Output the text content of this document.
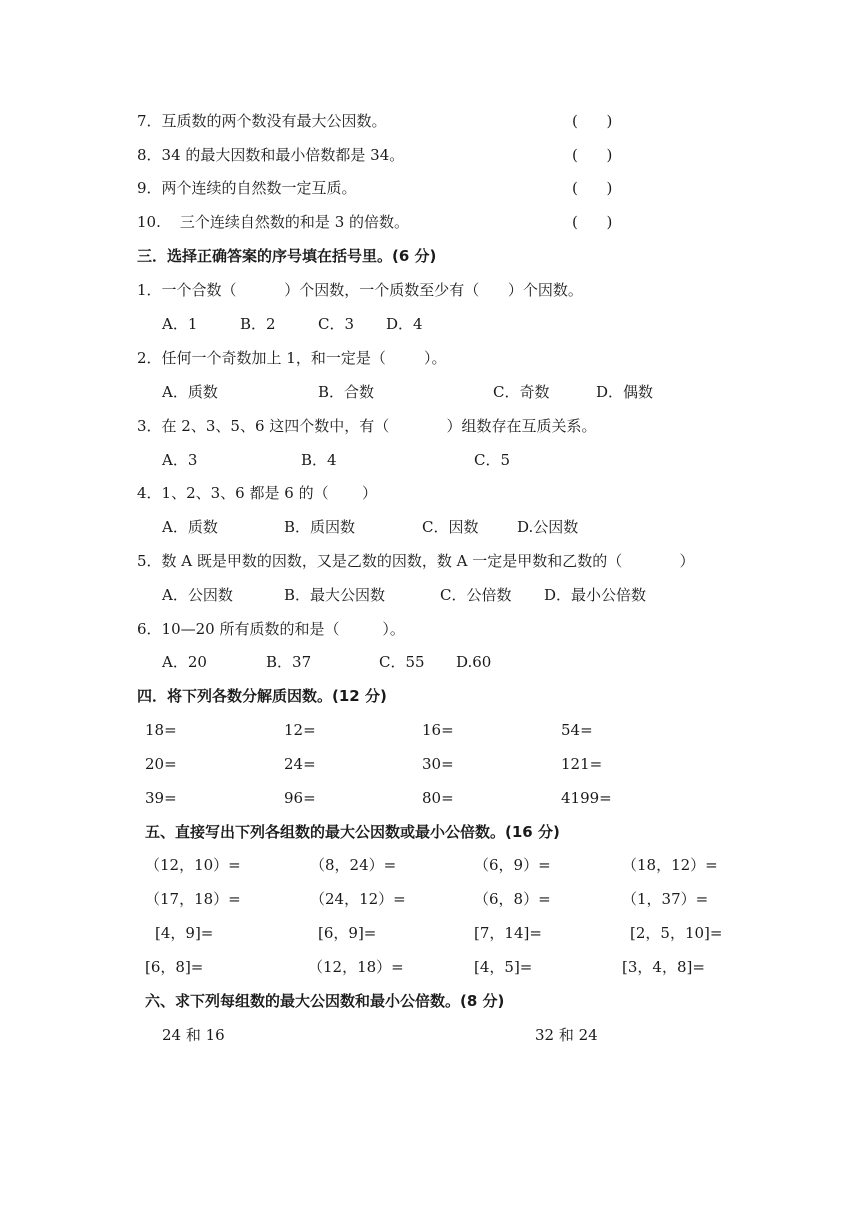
7．互质数的两个数没有最大公因数。	(      )
8．34 的最大因数和最小倍数都是 34。	(      )
9．两个连续的自然数一定互质。	(      )
10.    三个连续自然数的和是 3 的倍数。	(      )
三．选择正确答案的序号填在括号里。(6 分)
1．一个合数（          ）个因数，一个质数至少有（      ）个因数。
A．1	B．2	C．3 D．4
2．任何一个奇数加上 1，和一定是（        ）。
A．质数	B．合数	C．奇数	D．偶数
3．在 2、3、5、6 这四个数中，有（            ）组数存在互质关系。
A．3	B．4	C．5
4．1、2、3、6 都是 6 的（       ）
A．质数	B．质因数	C．因数	D.公因数
5．数 A 既是甲数的因数，又是乙数的因数，数 A 一定是甲数和乙数的（            ）
A．公因数	B．最大公因数	C．公倍数 D．最小公倍数
6．10—20 所有质数的和是（         ）。
A．20	B．37	C．55 D.60
四．将下列各数分解质因数。(12 分)
18=	12=	16=	54=
20=	24=	30=	121=
39=	96=	80=	4199=
五、直接写出下列各组数的最大公因数或最小公倍数。(16 分)
（12，10）=	（8，24）=	（6，9）=	（18，12）=
（17，18）=	（24，12）=	（6，8）=	（1，37）=
[4，9]=	[6，9]=	[7，14]=	[2，5，10]=
[6，8]=	（12，18）=	[4，5]=	[3，4，8]=
六、求下列每组数的最大公因数和最小公倍数。(8 分)
24 和 16	32 和 24
